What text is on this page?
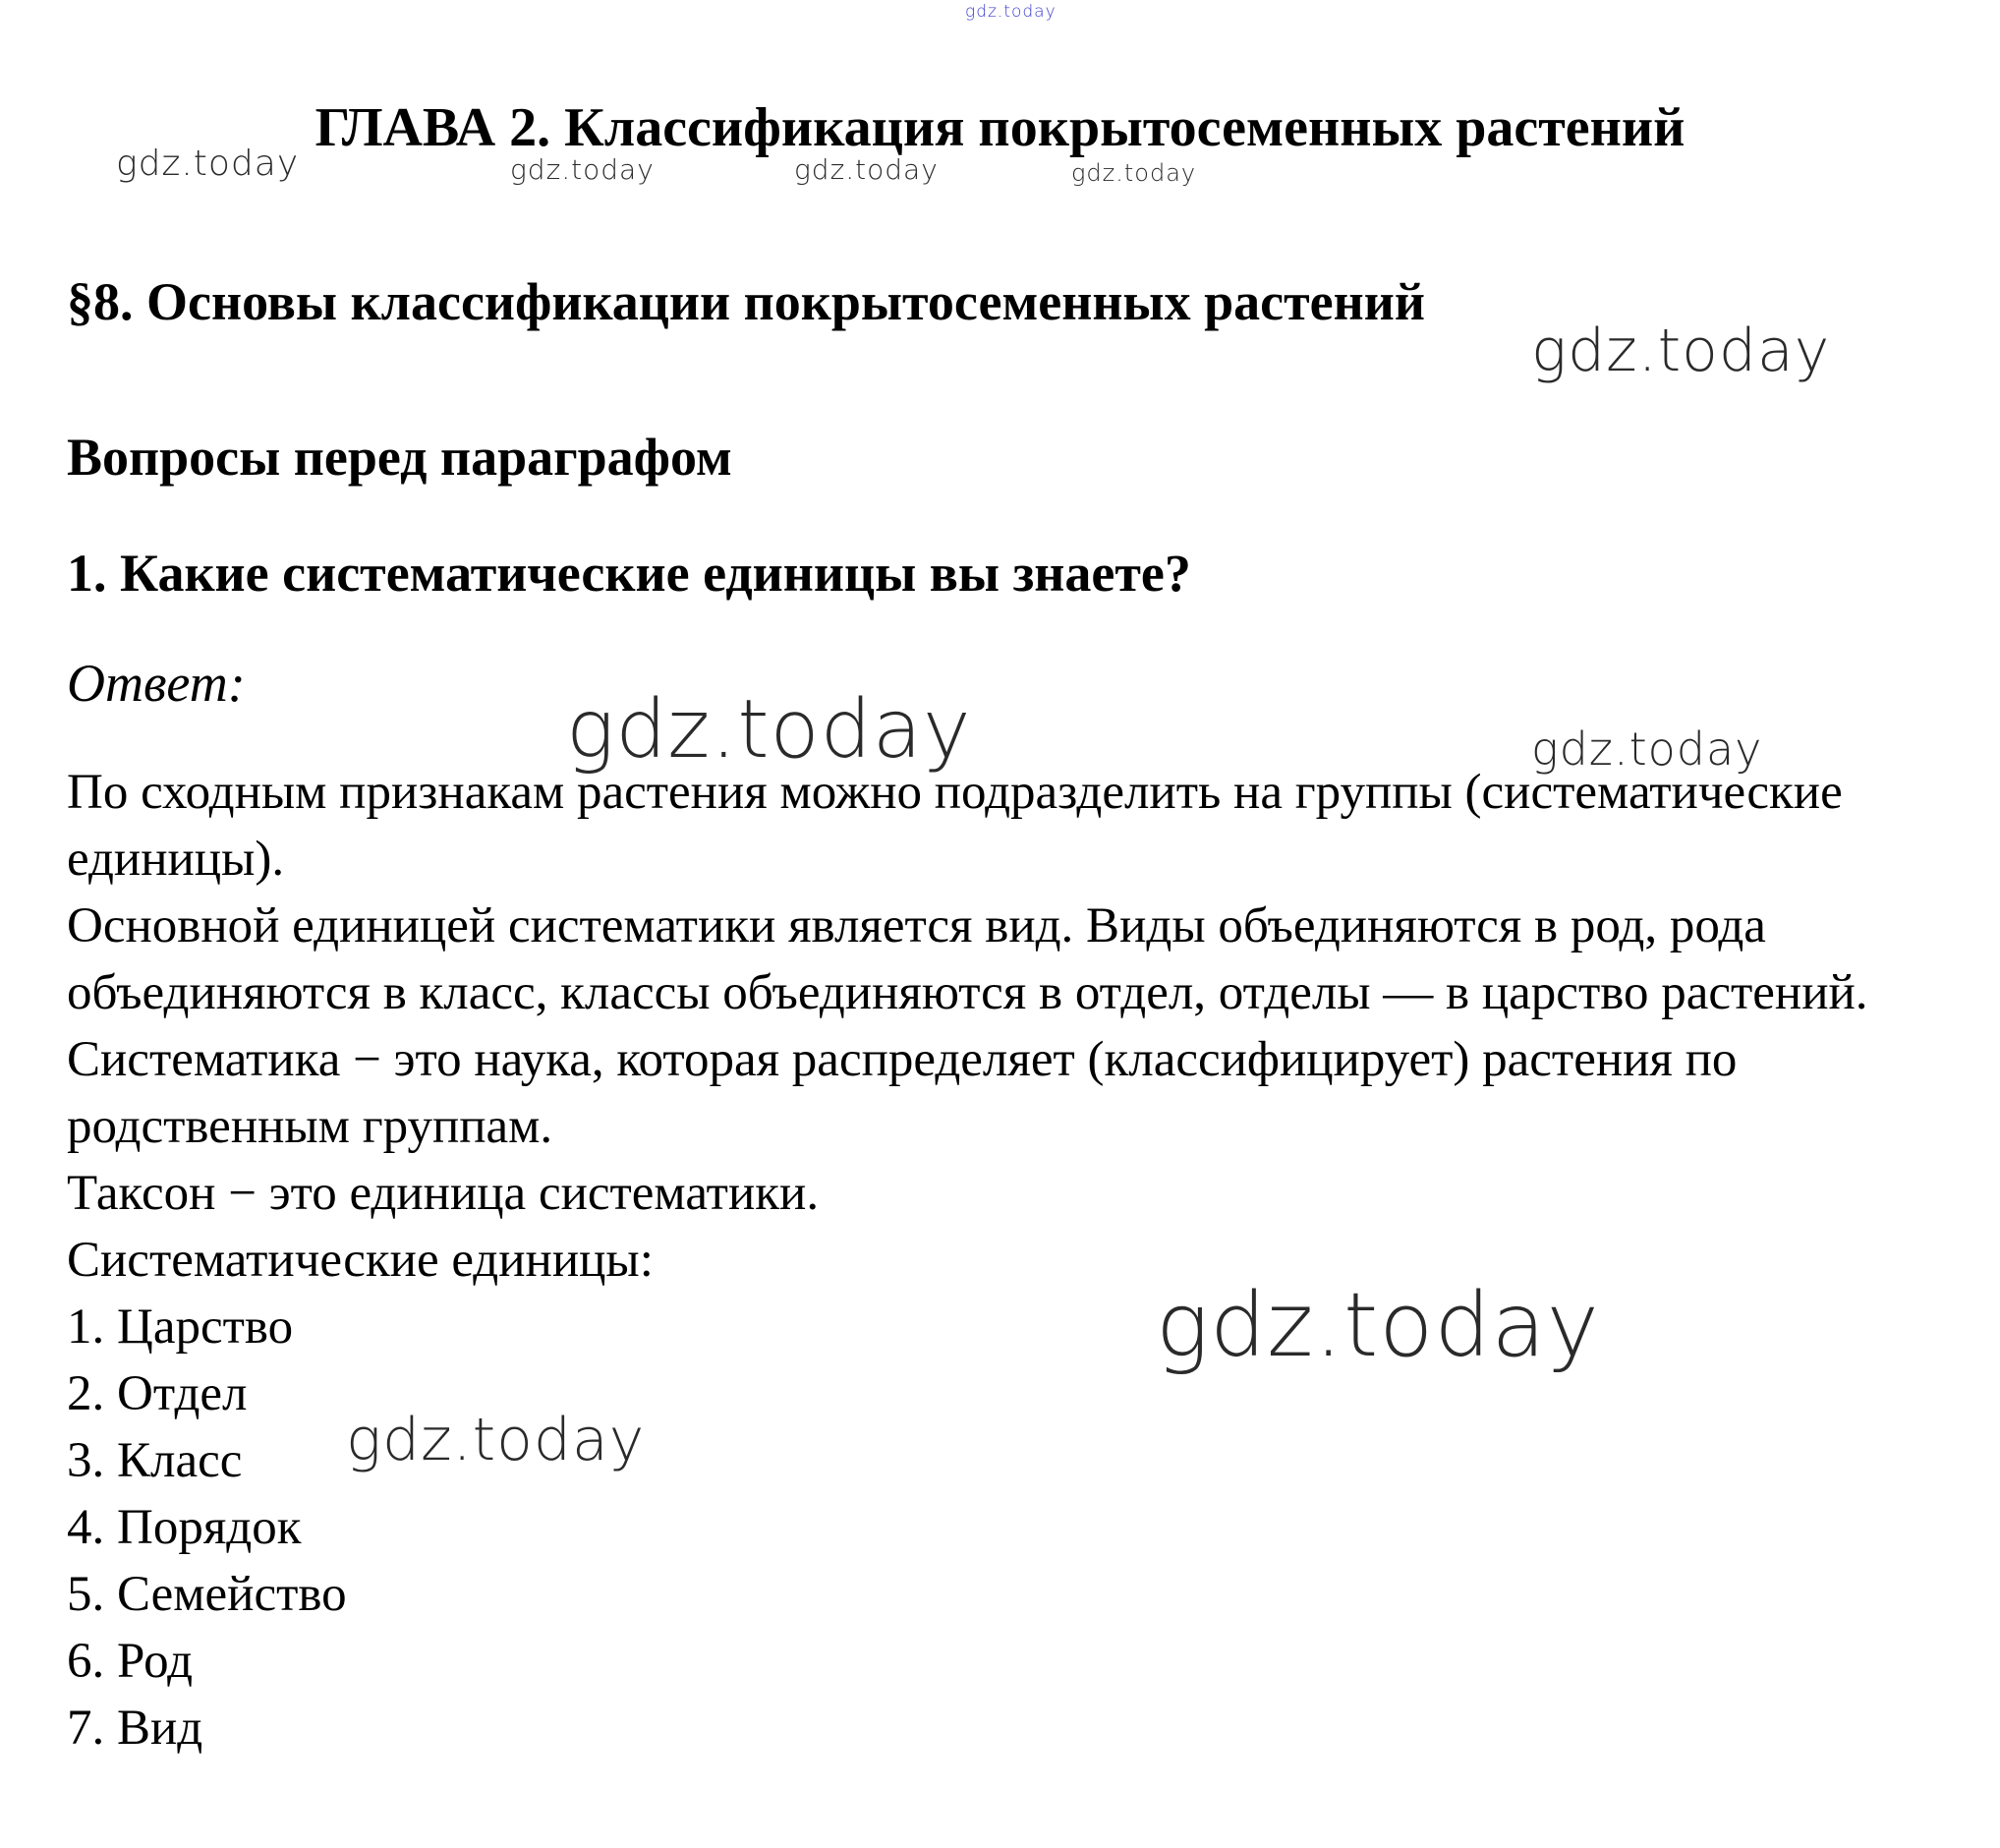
gdz.today
gdz.today	gdz.today	gdz.today	gdz.today
gdz.today
gdz.today	gdz.today
gdz.today
gdz.today
ГЛАВА 2. Классификация покрытосеменных растений
§8. Основы классификации покрытосеменных растений
Вопросы перед параграфом
1. Какие систематические единицы вы знаете?
Ответ:
По сходным признакам растения можно подразделить на группы (систематические единицы).
Основной единицей систематики является вид. Виды объединяются в род, рода объединяются в класс, классы объединяются в отдел, отделы — в царство растений.
Систематика − это наука, которая распределяет (классифицирует) растения по родственным группам.
Таксон − это единица систематики.
Систематические единицы:
1. Царство
2. Отдел
3. Класс
4. Порядок
5. Семейство
6. Род
7. Вид
